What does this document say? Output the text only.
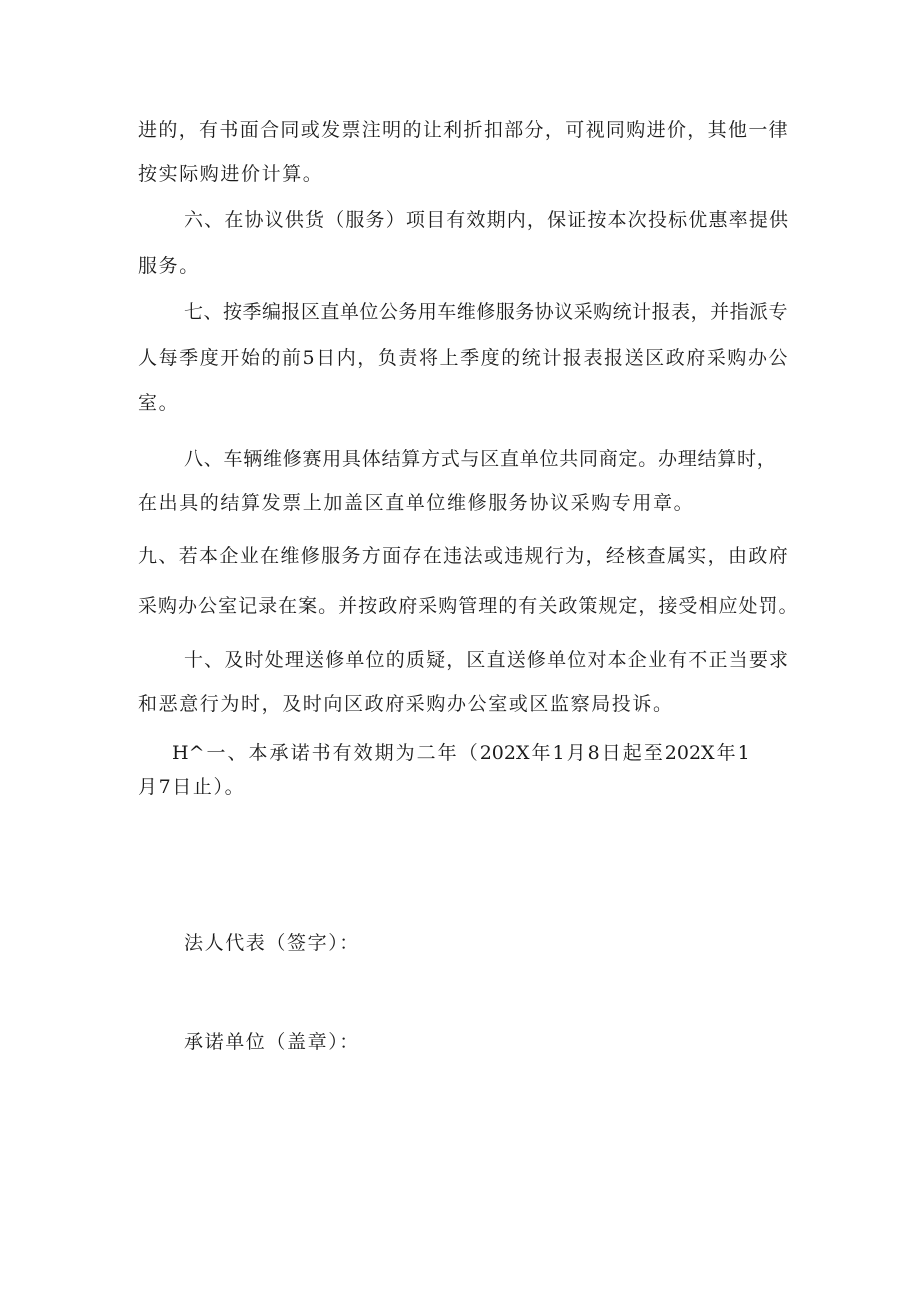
进 的 ， 有 书 面 合 同 或 发 票 注 明 的 让 利 折 扣 部 分 ， 可 视 同 购 进 价 ， 其 他 一 律
按实际购进价计算。
六 、 在 协 议 供 货 （ 服 务 ） 项 目 有 效 期 内 ， 保 证 按 本 次 投 标 优 惠 率 提 供
服务。
七 、 按 季 编 报 区 直 单 位 公 务 用 车 维 修 服 务 协 议 采 购 统 计 报 表 ， 并 指 派 专
人 每 季 度 开 始 的 前 5 日 内 ， 负 责 将 上 季 度 的 统 计 报 表 报 送 区 政 府 采 购 办 公
室。
八 、 车 辆 维 修 赛 用 具 体 结 算 方 式 与 区 直 单 位 共 同 商 定 。 办 理 结 算 时 ，
在出具的结算发票上加盖区直单位维修服务协议采购专用章。
九 、 若 本 企 业 在 维 修 服 务 方 面 存 在 违 法 或 违 规 行 为 ， 经 核 查 属 实 ， 由 政 府
采 购 办 公 室 记 录 在 案 。 并 按 政 府 采 购 管 理 的 有 关 政 策 规 定 ， 接 受 相 应 处 罚 。
十 、 及 时 处 理 送 修 单 位 的 质 疑 ， 区 直 送 修 单 位 对 本 企 业 有 不 正 当 要 求
和恶意行为时，及时向区政府采购办公室或区监察局投诉。
H^ 一 、 本 承 诺 书 有 效 期 为 二 年 （ 202X 年 1 月 8 日 起 至 202X 年 1
月7日止）。
法人代表（签字）：
承诺单位（盖章）：
